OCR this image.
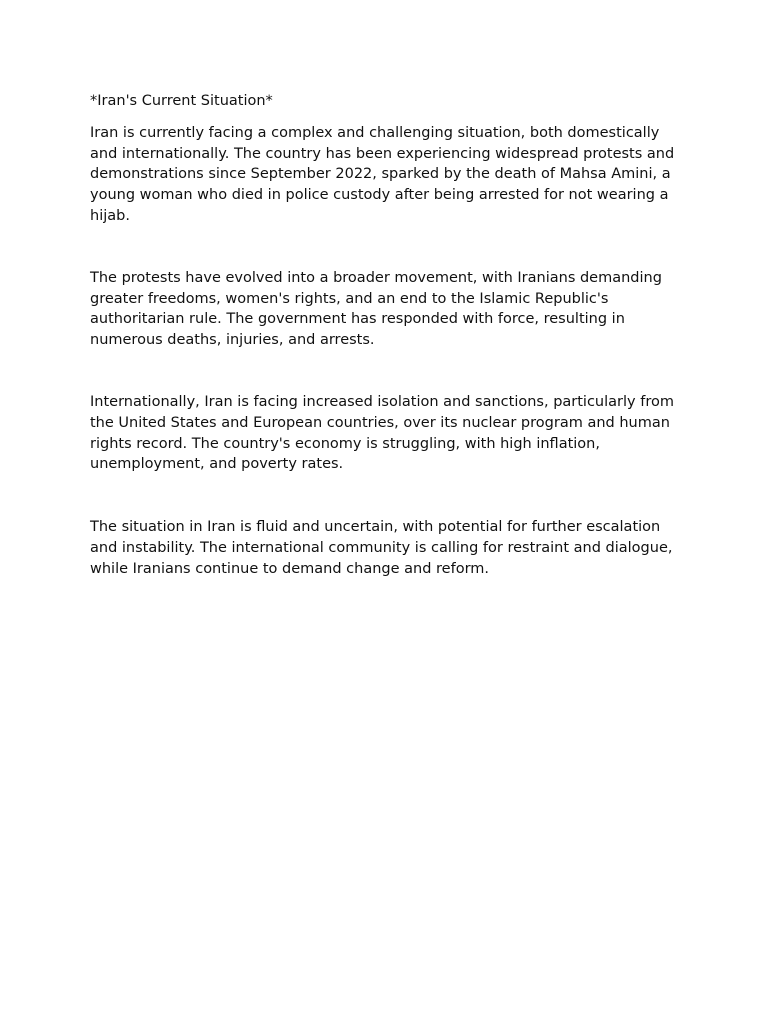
*Iran's Current Situation*

Iran is currently facing a complex and challenging situation, both domestically and internationally. The country has been experiencing widespread protests and demonstrations since September 2022, sparked by the death of Mahsa Amini, a young woman who died in police custody after being arrested for not wearing a hijab.

The protests have evolved into a broader movement, with Iranians demanding greater freedoms, women's rights, and an end to the Islamic Republic's authoritarian rule. The government has responded with force, resulting in numerous deaths, injuries, and arrests.

Internationally, Iran is facing increased isolation and sanctions, particularly from the United States and European countries, over its nuclear program and human rights record. The country's economy is struggling, with high inflation, unemployment, and poverty rates.

The situation in Iran is fluid and uncertain, with potential for further escalation and instability. The international community is calling for restraint and dialogue, while Iranians continue to demand change and reform.
